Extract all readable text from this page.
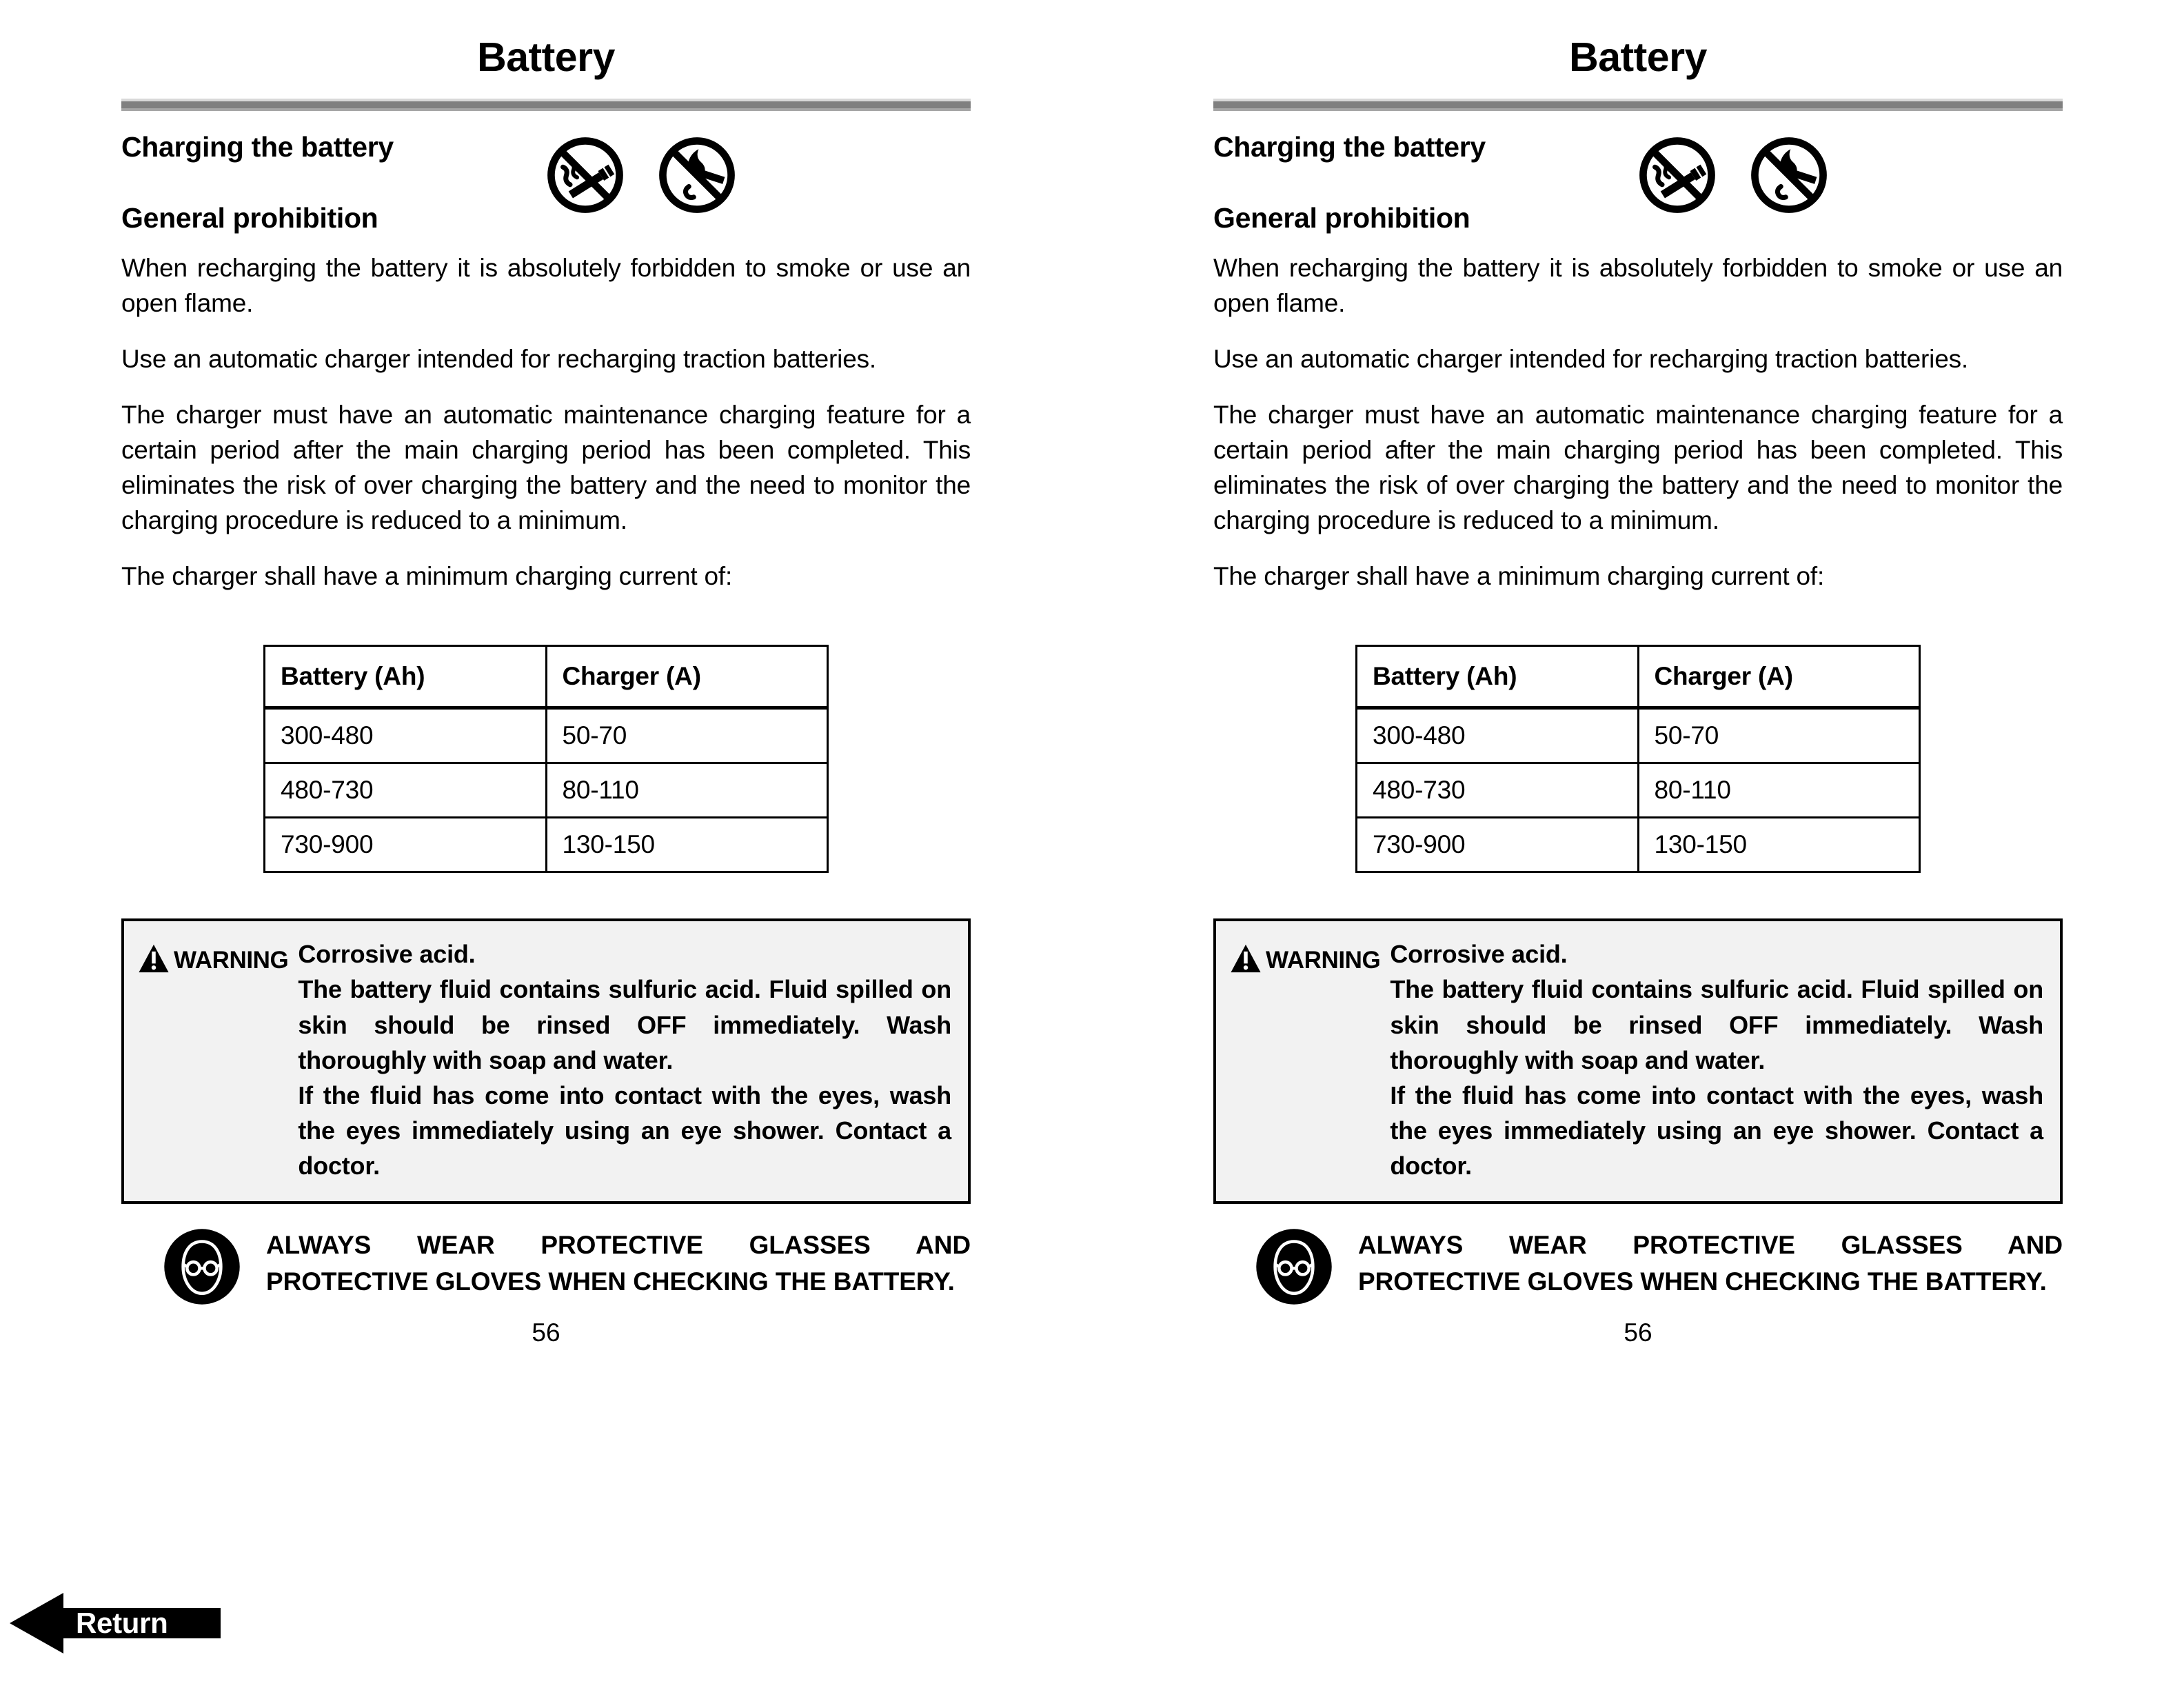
Battery
Charging the battery
General prohibition

When recharging the battery it is absolutely forbidden to smoke or use an open flame.

Use an automatic charger intended for recharging traction batteries.

The charger must have an automatic maintenance charging feature for a certain period after the main charging period has been completed. This eliminates the risk of over charging the battery and the need to monitor the charging procedure is reduced to a minimum.

The charger shall have a minimum charging current of:

Battery (Ah)	Charger (A)
300-480	50-70
480-730	80-110
730-900	130-150
WARNING Corrosive acid.

The battery fluid contains sulfuric acid. Fluid spilled on skin should be rinsed OFF immediately. Wash thoroughly with soap and water.

If the fluid has come into contact with the eyes, wash the eyes immediately using an eye shower. Contact a doctor.

ALWAYS WEAR PROTECTIVE GLASSES AND PROTECTIVE GLOVES WHEN CHECKING THE BATTERY.

56
Return
Battery
Charging the battery
General prohibition

When recharging the battery it is absolutely forbidden to smoke or use an open flame.

Use an automatic charger intended for recharging traction batteries.

The charger must have an automatic maintenance charging feature for a certain period after the main charging period has been completed. This eliminates the risk of over charging the battery and the need to monitor the charging procedure is reduced to a minimum.

The charger shall have a minimum charging current of:

Battery (Ah)	Charger (A)
300-480	50-70
480-730	80-110
730-900	130-150
WARNING Corrosive acid.

The battery fluid contains sulfuric acid. Fluid spilled on skin should be rinsed OFF immediately. Wash thoroughly with soap and water.

If the fluid has come into contact with the eyes, wash the eyes immediately using an eye shower. Contact a doctor.

ALWAYS WEAR PROTECTIVE GLASSES AND PROTECTIVE GLOVES WHEN CHECKING THE BATTERY.

56
